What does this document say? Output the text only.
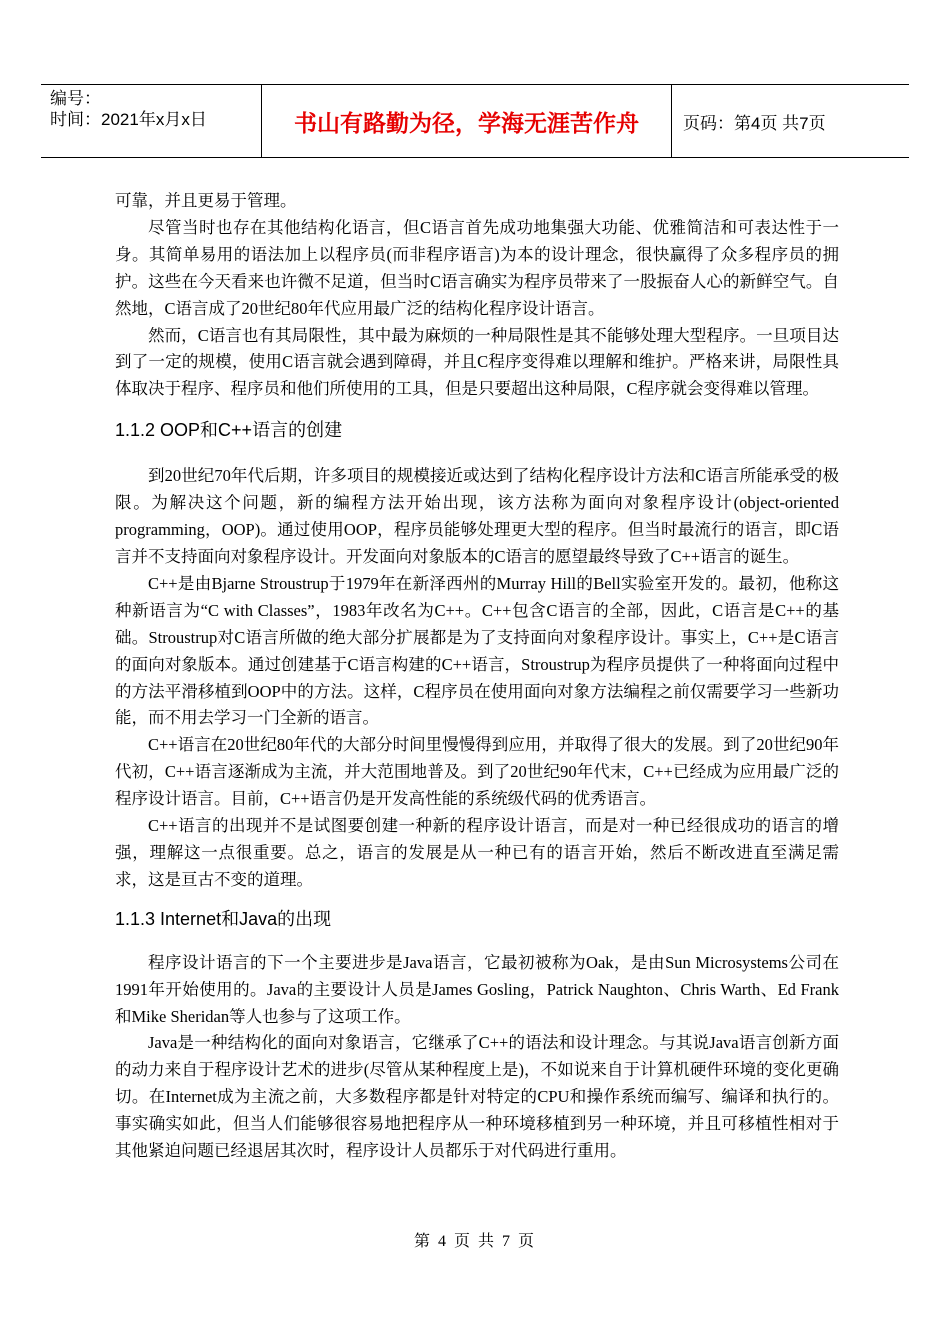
编号：
时间：2021年x月x日	书山有路勤为径，学海无涯苦作舟	页码：第4页 共7页

可靠，并且更易于管理。

尽管当时也存在其他结构化语言，但C语言首先成功地集强大功能、优雅简洁和可表达性于一身。其简单易用的语法加上以程序员(而非程序语言)为本的设计理念，很快赢得了众多程序员的拥护。这些在今天看来也许微不足道，但当时C语言确实为程序员带来了一股振奋人心的新鲜空气。自然地，C语言成了20世纪80年代应用最广泛的结构化程序设计语言。

然而，C语言也有其局限性，其中最为麻烦的一种局限性是其不能够处理大型程序。一旦项目达到了一定的规模，使用C语言就会遇到障碍，并且C程序变得难以理解和维护。严格来讲，局限性具体取决于程序、程序员和他们所使用的工具，但是只要超出这种局限，C程序就会变得难以管理。

1.1.2 OOP和C++语言的创建

到20世纪70年代后期，许多项目的规模接近或达到了结构化程序设计方法和C语言所能承受的极限。为解决这个问题，新的编程方法开始出现，该方法称为面向对象程序设计(object-oriented programming，OOP)。通过使用OOP，程序员能够处理更大型的程序。但当时最流行的语言，即C语言并不支持面向对象程序设计。开发面向对象版本的C语言的愿望最终导致了C++语言的诞生。

C++是由Bjarne Stroustrup于1979年在新泽西州的Murray Hill的Bell实验室开发的。最初，他称这种新语言为“C with Classes”，1983年改名为C++。C++包含C语言的全部，因此，C语言是C++的基础。Stroustrup对C语言所做的绝大部分扩展都是为了支持面向对象程序设计。事实上，C++是C语言的面向对象版本。通过创建基于C语言构建的C++语言，Stroustrup为程序员提供了一种将面向过程中的方法平滑移植到OOP中的方法。这样，C程序员在使用面向对象方法编程之前仅需要学习一些新功能，而不用去学习一门全新的语言。

C++语言在20世纪80年代的大部分时间里慢慢得到应用，并取得了很大的发展。到了20世纪90年代初，C++语言逐渐成为主流，并大范围地普及。到了20世纪90年代末，C++已经成为应用最广泛的程序设计语言。目前，C++语言仍是开发高性能的系统级代码的优秀语言。

C++语言的出现并不是试图要创建一种新的程序设计语言，而是对一种已经很成功的语言的增强，理解这一点很重要。总之，语言的发展是从一种已有的语言开始，然后不断改进直至满足需求，这是亘古不变的道理。

1.1.3 Internet和Java的出现

程序设计语言的下一个主要进步是Java语言，它最初被称为Oak，是由Sun Microsystems公司在1991年开始使用的。Java的主要设计人员是James Gosling，Patrick Naughton、Chris Warth、Ed Frank和Mike Sheridan等人也参与了这项工作。

Java是一种结构化的面向对象语言，它继承了C++的语法和设计理念。与其说Java语言创新方面的动力来自于程序设计艺术的进步(尽管从某种程度上是)，不如说来自于计算机硬件环境的变化更确切。在Internet成为主流之前，大多数程序都是针对特定的CPU和操作系统而编写、编译和执行的。事实确实如此，但当人们能够很容易地把程序从一种环境移植到另一种环境，并且可移植性相对于其他紧迫问题已经退居其次时，程序设计人员都乐于对代码进行重用。

第 4 页 共 7 页
